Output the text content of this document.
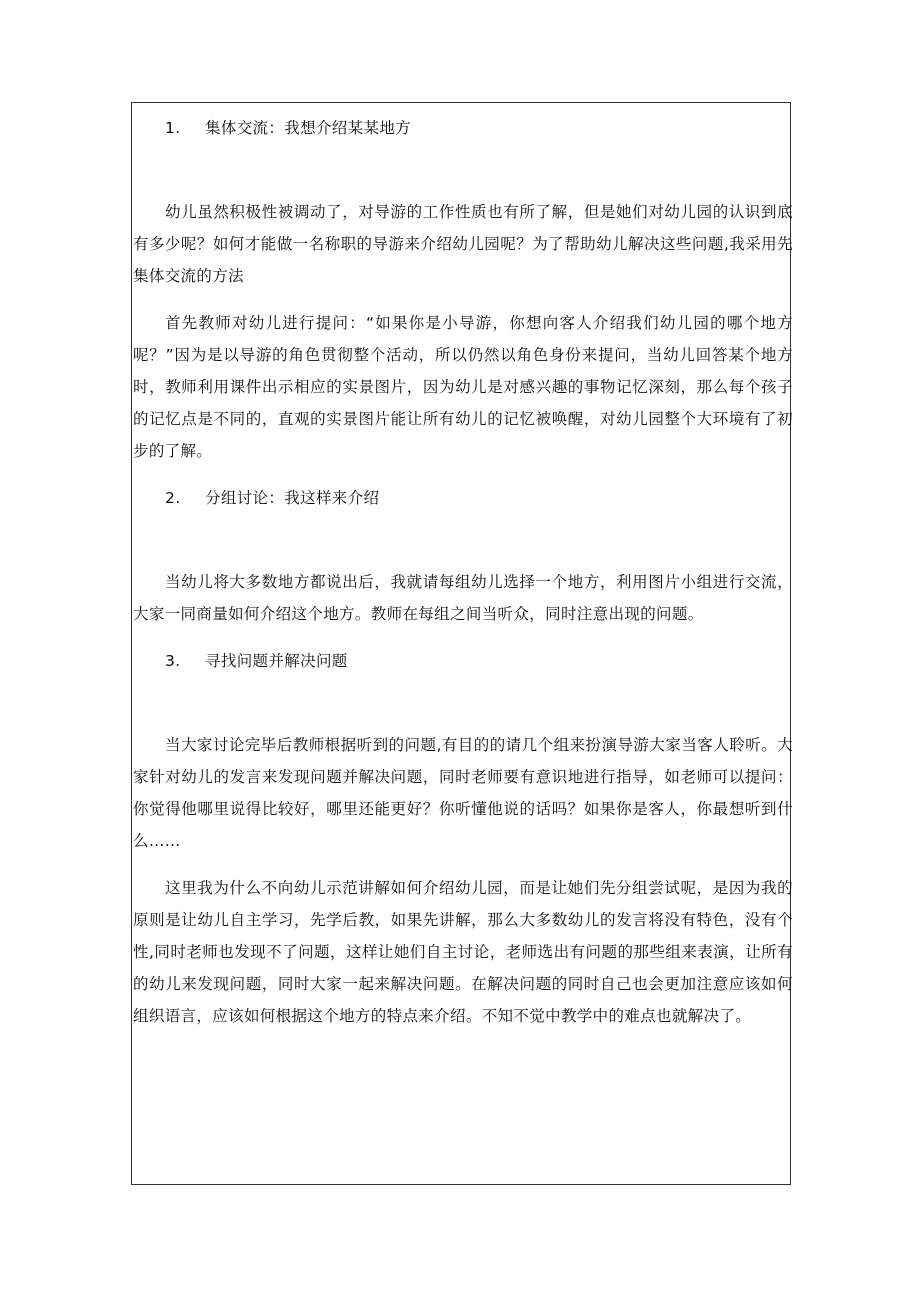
1. 集体交流：我想介绍某某地方

幼儿虽然积极性被调动了，对导游的工作性质也有所了解，但是她们对幼儿园的认识到底有多少呢？如何才能做一名称职的导游来介绍幼儿园呢？为了帮助幼儿解决这些问题,我采用先集体交流的方法

首先教师对幼儿进行提问：“如果你是小导游，你想向客人介绍我们幼儿园的哪个地方呢？”因为是以导游的角色贯彻整个活动，所以仍然以角色身份来提问，当幼儿回答某个地方时，教师利用课件出示相应的实景图片，因为幼儿是对感兴趣的事物记忆深刻，那么每个孩子的记忆点是不同的，直观的实景图片能让所有幼儿的记忆被唤醒，对幼儿园整个大环境有了初步的了解。

2. 分组讨论：我这样来介绍

当幼儿将大多数地方都说出后，我就请每组幼儿选择一个地方，利用图片小组进行交流，大家一同商量如何介绍这个地方。教师在每组之间当听众，同时注意出现的问题。

3. 寻找问题并解决问题

当大家讨论完毕后教师根据听到的问题,有目的的请几个组来扮演导游大家当客人聆听。大家针对幼儿的发言来发现问题并解决问题，同时老师要有意识地进行指导，如老师可以提问：你觉得他哪里说得比较好，哪里还能更好？你听懂他说的话吗？如果你是客人，你最想听到什么……

这里我为什么不向幼儿示范讲解如何介绍幼儿园，而是让她们先分组尝试呢，是因为我的原则是让幼儿自主学习，先学后教，如果先讲解，那么大多数幼儿的发言将没有特色，没有个性,同时老师也发现不了问题，这样让她们自主讨论，老师选出有问题的那些组来表演，让所有的幼儿来发现问题，同时大家一起来解决问题。在解决问题的同时自己也会更加注意应该如何组织语言，应该如何根据这个地方的特点来介绍。不知不觉中教学中的难点也就解决了。
